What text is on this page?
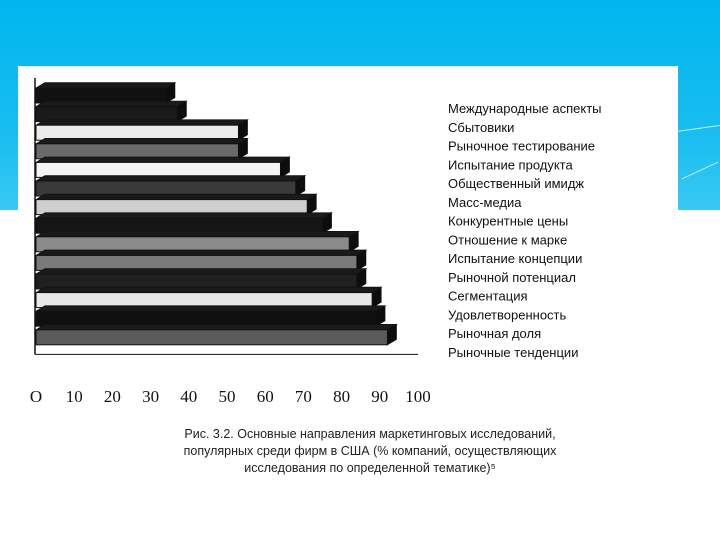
Международные аспекты
Сбытовики
Рыночное тестирование
Испытание продукта
Общественный имидж
Масс-медиа
Конкурентные цены
Отношение к марке
Испытание концепции
Рыночной потенциал
Сегментация
Удовлетворенность
Рыночная доля
Рыночные тенденции
O 10 20 30 40 50 60 70 80 90 100
Рис. 3.2. Основные направления маркетинговых исследований,
популярных среди фирм в США (% компаний, осуществляющих
исследования по определенной тематике)⁵
